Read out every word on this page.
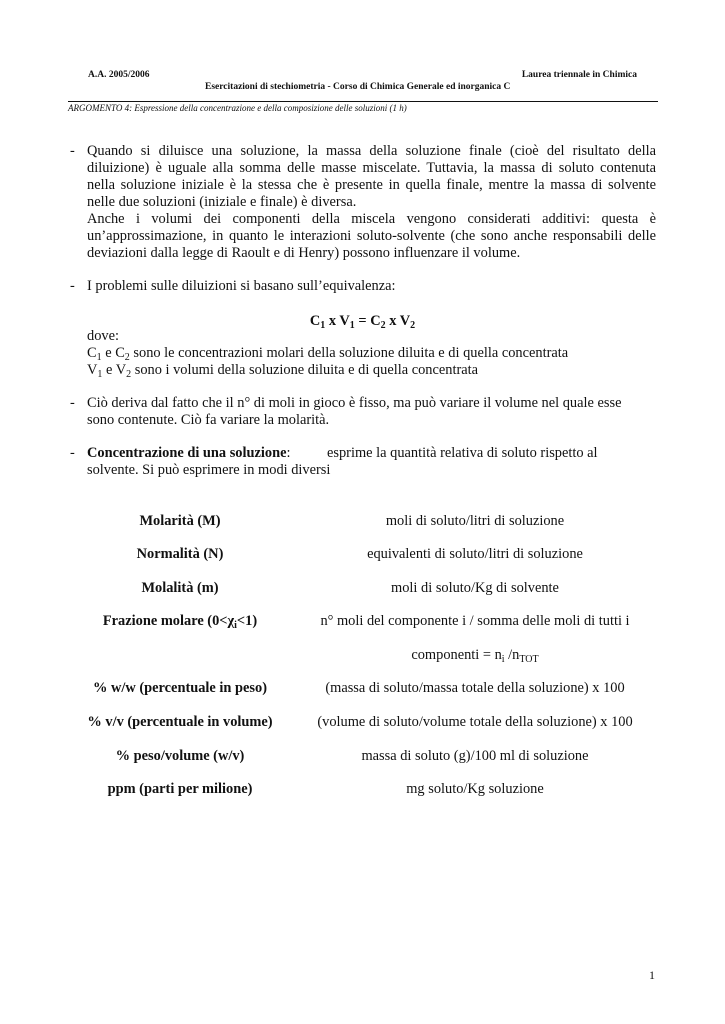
A.A. 2005/2006	Laurea triennale in Chimica
Esercitazioni di stechiometria - Corso di Chimica Generale ed inorganica C
ARGOMENTO 4: Espressione della concentrazione e della composizione delle soluzioni (1 h)
- Quando si diluisce una soluzione, la massa della soluzione finale (cioè del risultato della
diluizione) è uguale alla somma delle masse miscelate. Tuttavia, la massa di soluto contenuta
nella soluzione iniziale è la stessa che è presente in quella finale, mentre la massa di solvente
nelle due soluzioni (iniziale e finale) è diversa.
Anche i volumi dei componenti della miscela vengono considerati additivi: questa è
un’approssimazione, in quanto le interazioni soluto-solvente (che sono anche responsabili delle
deviazioni dalla legge di Raoult e di Henry) possono influenzare il volume.
- I problemi sulle diluizioni si basano sull’equivalenza:
$C_1$ x $V_1 = C_2$ x $V_2$
dove:
$C_1$ e $C_2$ sono le concentrazioni molari della soluzione diluita e di quella concentrata
$V_1$ e $V_2$ sono i volumi della soluzione diluita e di quella concentrata
- Ciò deriva dal fatto che il n° di moli in gioco è fisso, ma può variare il volume nel quale esse
sono contenute. Ciò fa variare la molarità.
- Concentrazione di una soluzione:	esprime la quantità relativa di soluto rispetto al
solvente. Si può esprimere in modi diversi
Molarità (M)	moli di soluto/litri di soluzione
Normalità (N)	equivalenti di soluto/litri di soluzione
Molalità (m)	moli di soluto/Kg di solvente
Frazione molare $(0<\chi_i<1)$	n° moli del componente i / somma delle moli di tutti i
componenti = $n_i$ $/n_{TOT}$
% w/w (percentuale in peso)	(massa di soluto/massa totale della soluzione) x 100
% v/v (percentuale in volume)	(volume di soluto/volume totale della soluzione) x 100
% peso/volume (w/v)	massa di soluto (g)/100 ml di soluzione
ppm (parti per milione)	mg soluto/Kg soluzione
1
